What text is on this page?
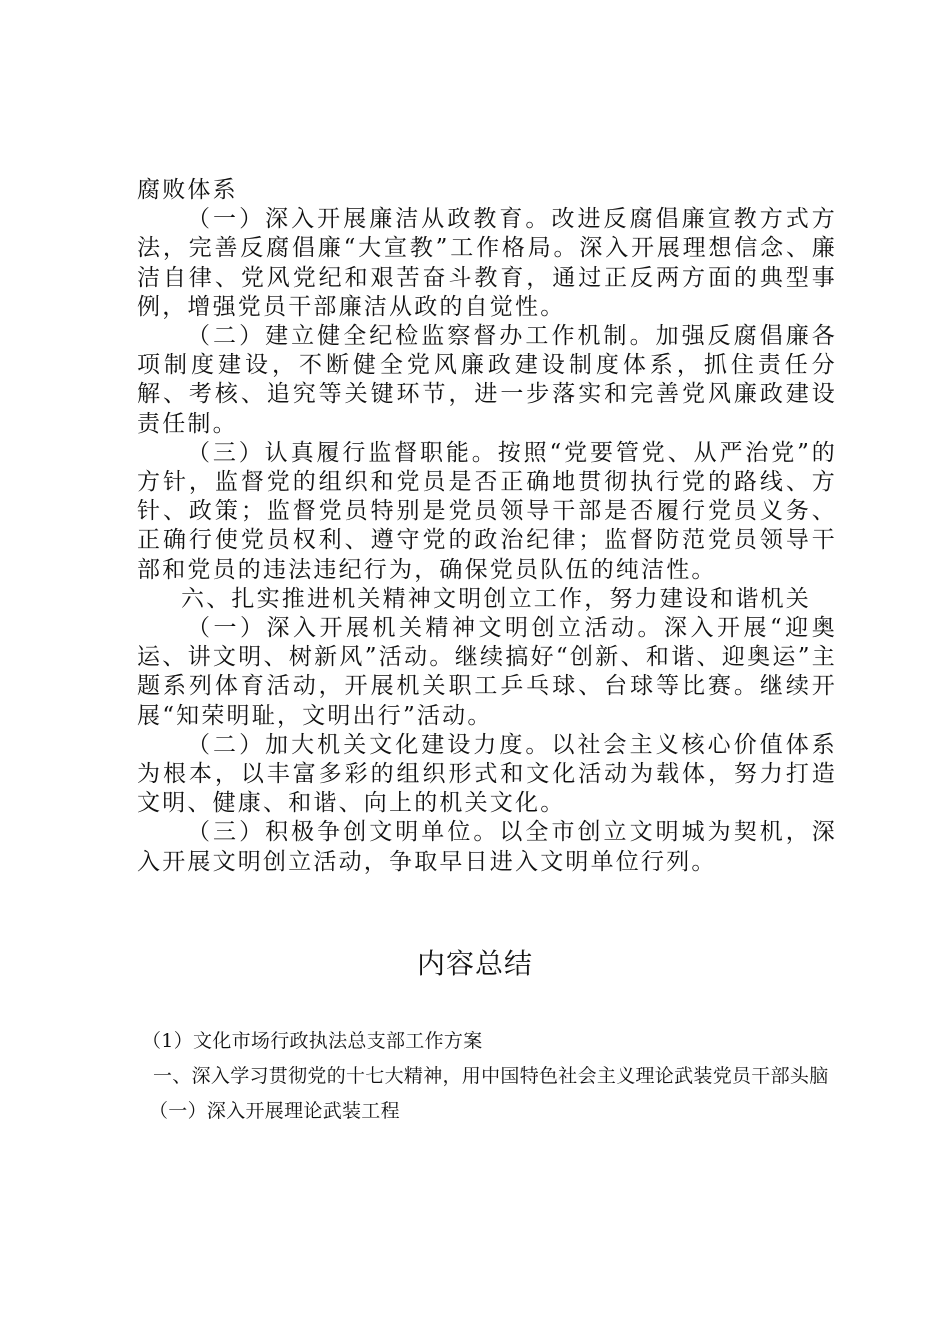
腐败体系

（一）深入开展廉洁从政教育。改进反腐倡廉宣教方式方法，完善反腐倡廉“大宣教”工作格局。深入开展理想信念、廉洁自律、党风党纪和艰苦奋斗教育，通过正反两方面的典型事例，增强党员干部廉洁从政的自觉性。

（二）建立健全纪检监察督办工作机制。加强反腐倡廉各项制度建设，不断健全党风廉政建设制度体系，抓住责任分解、考核、追究等关键环节，进一步落实和完善党风廉政建设责任制。

（三）认真履行监督职能。按照“党要管党、从严治党”的方针，监督党的组织和党员是否正确地贯彻执行党的路线、方针、政策；监督党员特别是党员领导干部是否履行党员义务、正确行使党员权利、遵守党的政治纪律；监督防范党员领导干部和党员的违法违纪行为，确保党员队伍的纯洁性。

六、扎实推进机关精神文明创立工作，努力建设和谐机关

（一）深入开展机关精神文明创立活动。深入开展“迎奥运、讲文明、树新风”活动。继续搞好“创新、和谐、迎奥运”主题系列体育活动，开展机关职工乒乓球、台球等比赛。继续开展“知荣明耻，文明出行”活动。

（二）加大机关文化建设力度。以社会主义核心价值体系为根本，以丰富多彩的组织形式和文化活动为载体，努力打造文明、健康、和谐、向上的机关文化。

（三）积极争创文明单位。以全市创立文明城为契机，深入开展文明创立活动，争取早日进入文明单位行列。

内容总结

（1）文化市场行政执法总支部工作方案

一、深入学习贯彻党的十七大精神，用中国特色社会主义理论武装党员干部头脑

（一）深入开展理论武装工程
